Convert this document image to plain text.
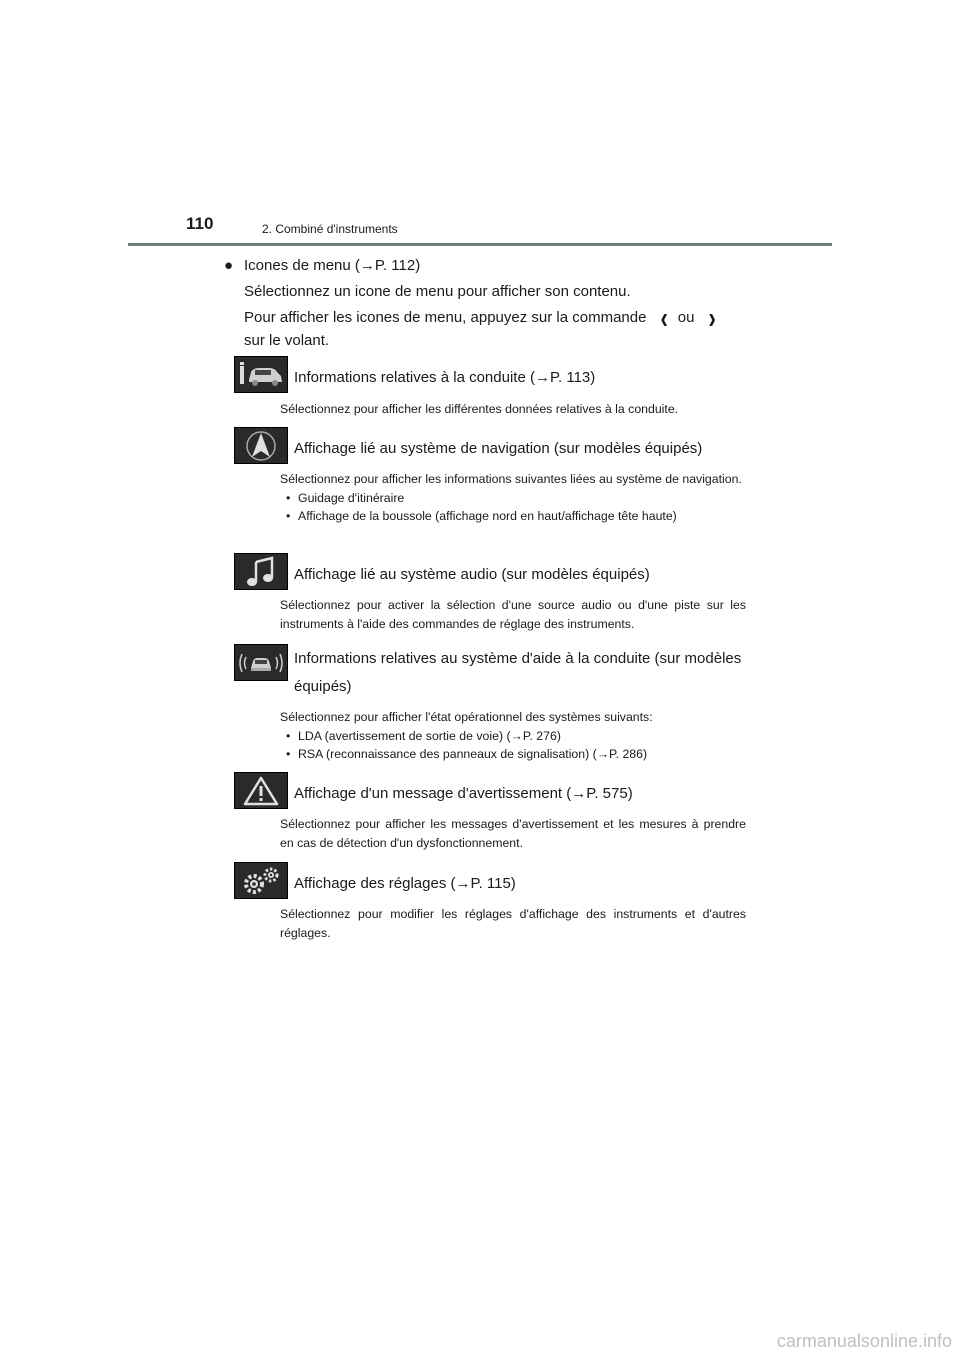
110	2. Combiné d'instruments
● Icones de menu (→P. 112)
Sélectionnez un icone de menu pour afficher son contenu.
Pour afficher les icones de menu, appuyez sur la commande ‹ ou ›
sur le volant.
Informations relatives à la conduite (→P. 113)
Sélectionnez pour afficher les différentes données relatives à la conduite.
Affichage lié au système de navigation (sur modèles équipés)
Sélectionnez pour afficher les informations suivantes liées au système de navigation.
• Guidage d'itinéraire
• Affichage de la boussole (affichage nord en haut/affichage tête haute)
Affichage lié au système audio (sur modèles équipés)
Sélectionnez pour activer la sélection d'une source audio ou d'une piste sur les instruments à l'aide des commandes de réglage des instruments.
Informations relatives au système d'aide à la conduite (sur modèles équipés)
Sélectionnez pour afficher l'état opérationnel des systèmes suivants:
• LDA (avertissement de sortie de voie) (→P. 276)
• RSA (reconnaissance des panneaux de signalisation) (→P. 286)
Affichage d'un message d'avertissement (→P. 575)
Sélectionnez pour afficher les messages d'avertissement et les mesures à prendre en cas de détection d'un dysfonctionnement.
Affichage des réglages (→P. 115)
Sélectionnez pour modifier les réglages d'affichage des instruments et d'autres réglages.
carmanualsonline.info
